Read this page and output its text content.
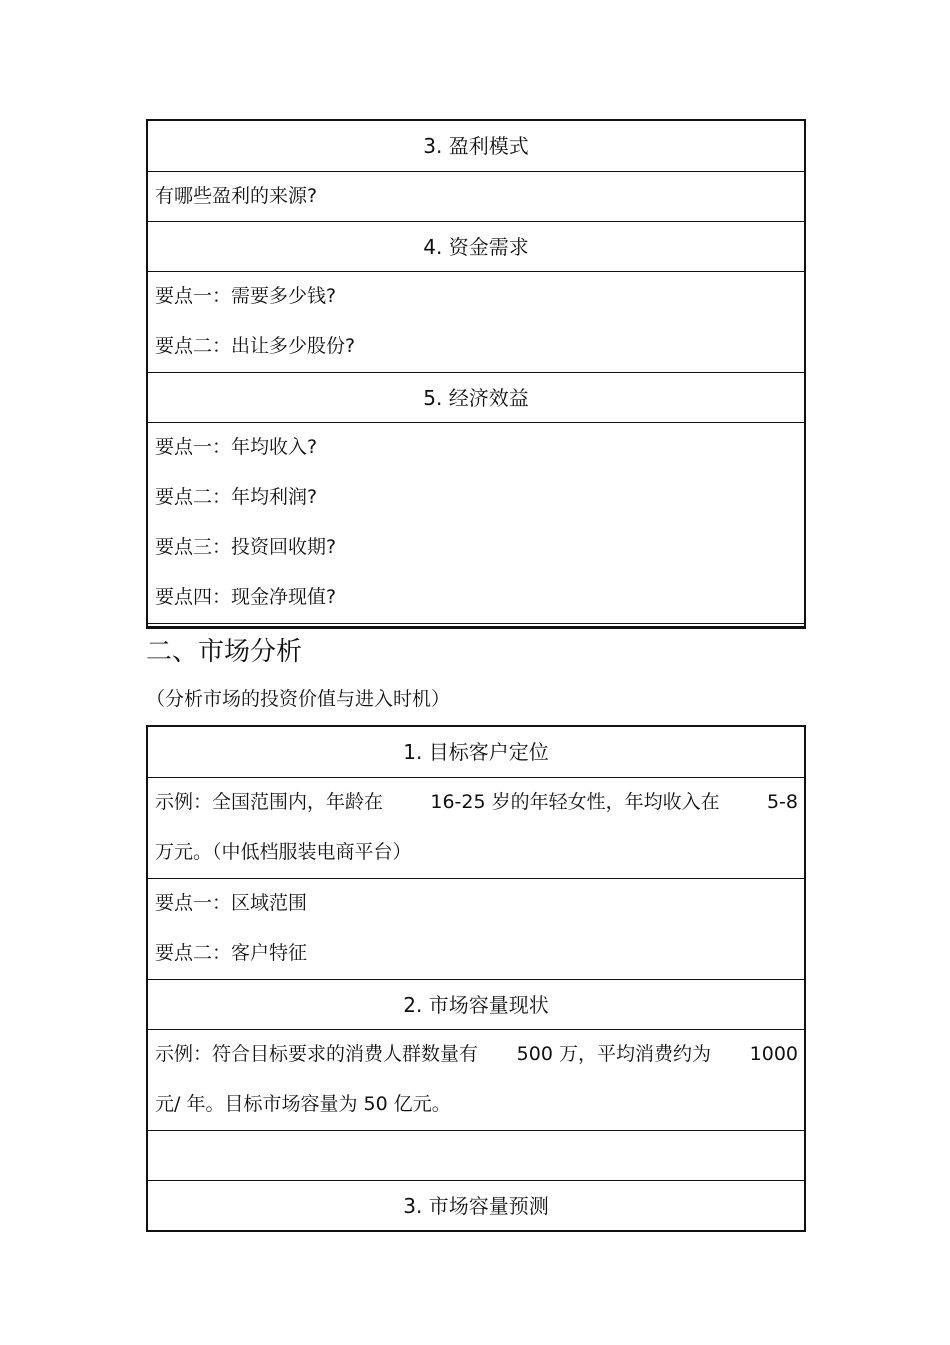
3. 盈利模式
有哪些盈利的来源?
4. 资金需求
要点一：需要多少钱?
要点二：出让多少股份?
5. 经济效益
要点一：年均收入?
要点二：年均利润?
要点三：投资回收期?
要点四：现金净现值?
二、市场分析
（分析市场的投资价值与进入时机）
1. 目标客户定位
示例：全国范围内，年龄在 16-25 岁的年轻女性，年均收入在 5-8
万元。（中低档服装电商平台）
要点一：区域范围
要点二：客户特征
2. 市场容量现状
示例：符合目标要求的消费人群数量有 500 万，平均消费约为 1000
元/ 年。目标市场容量为 50 亿元。
3. 市场容量预测
